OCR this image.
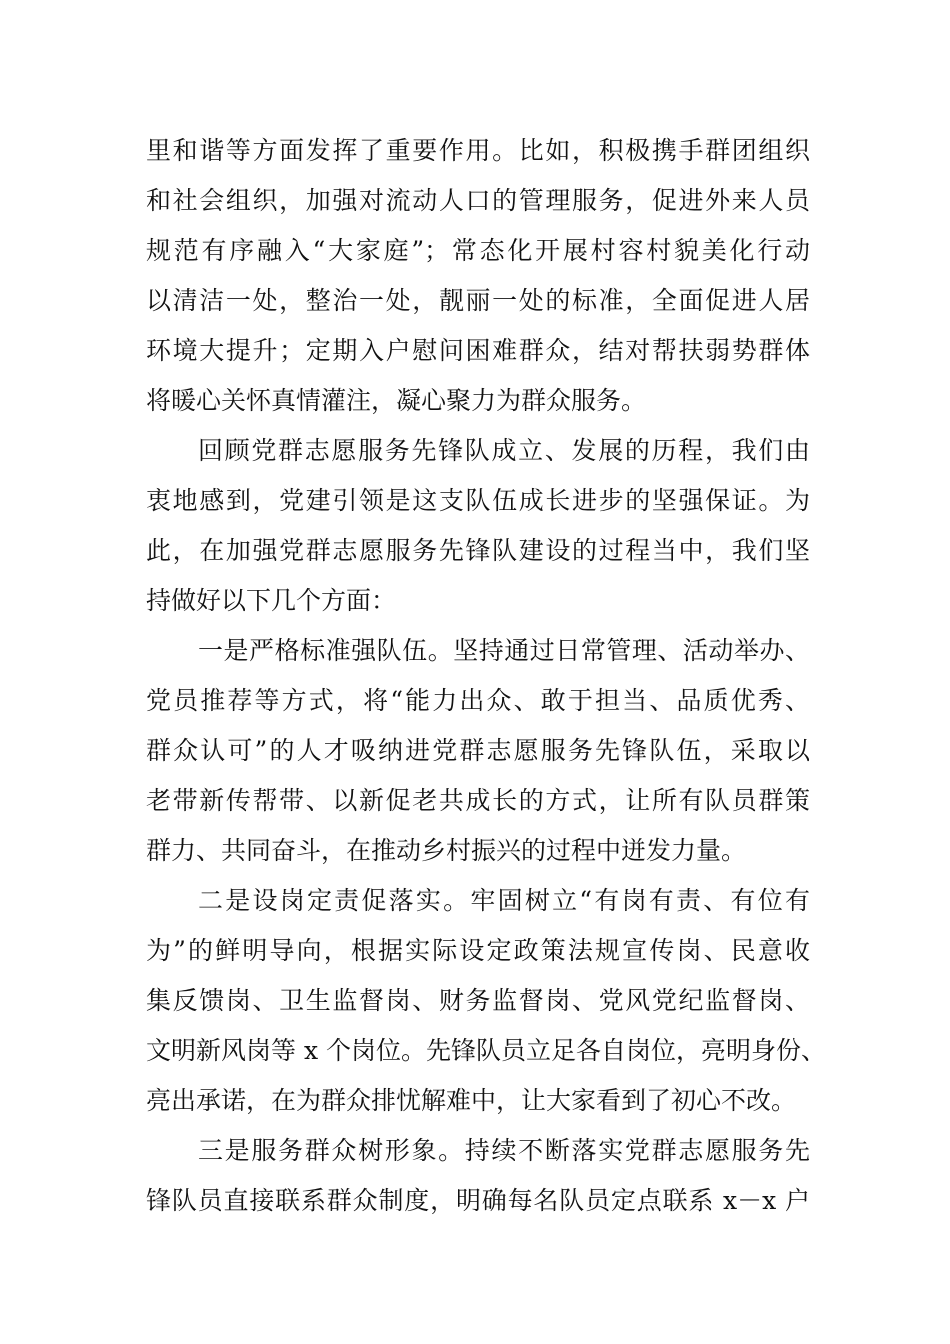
里和谐等方面发挥了重要作用。比如，积极携手群团组织
和社会组织，加强对流动人口的管理服务，促进外来人员
规范有序融入“大家庭”；常态化开展村容村貌美化行动
以清洁一处，整治一处，靓丽一处的标准，全面促进人居
环境大提升；定期入户慰问困难群众，结对帮扶弱势群体
将暖心关怀真情灌注，凝心聚力为群众服务。
回顾党群志愿服务先锋队成立、发展的历程，我们由
衷地感到，党建引领是这支队伍成长进步的坚强保证。为
此，在加强党群志愿服务先锋队建设的过程当中，我们坚
持做好以下几个方面：
一是严格标准强队伍。坚持通过日常管理、活动举办、
党员推荐等方式，将“能力出众、敢于担当、品质优秀、
群众认可”的人才吸纳进党群志愿服务先锋队伍，采取以
老带新传帮带、以新促老共成长的方式，让所有队员群策
群力、共同奋斗，在推动乡村振兴的过程中迸发力量。
二是设岗定责促落实。牢固树立“有岗有责、有位有
为”的鲜明导向，根据实际设定政策法规宣传岗、民意收
集反馈岗、卫生监督岗、财务监督岗、党风党纪监督岗、
文明新风岗等 x 个岗位。先锋队员立足各自岗位，亮明身份、
亮出承诺，在为群众排忧解难中，让大家看到了初心不改。
三是服务群众树形象。持续不断落实党群志愿服务先
锋队员直接联系群众制度，明确每名队员定点联系 x－x 户
